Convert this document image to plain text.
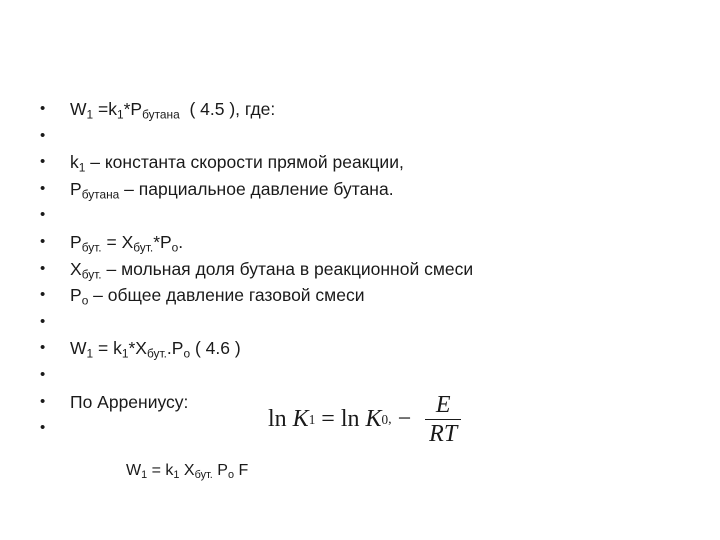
• $W_1 =k_1*P_{бутана}$  ( 4.5 ), где:
•
• $k_1$ – константа скорости прямой реакции,
• $P_{бутана}$ – парциальное давление бутана.
•
• $P_{бут.} = X_{бут.}*P_о$.
• $X_{бут.}$ – мольная доля бутана в реакционной смеси
• $P_о$ – общее давление газовой смеси
•
• $W_1 = k_1*X_{бут.}.P_o$ ( 4.6 )
•
• По Аррениусу:
•	ln
K 1 = ln
K 0 , − $\frac{E}{RT}$
$W_1 = k_1$ $X_{бут.}$ $P_o$ F
